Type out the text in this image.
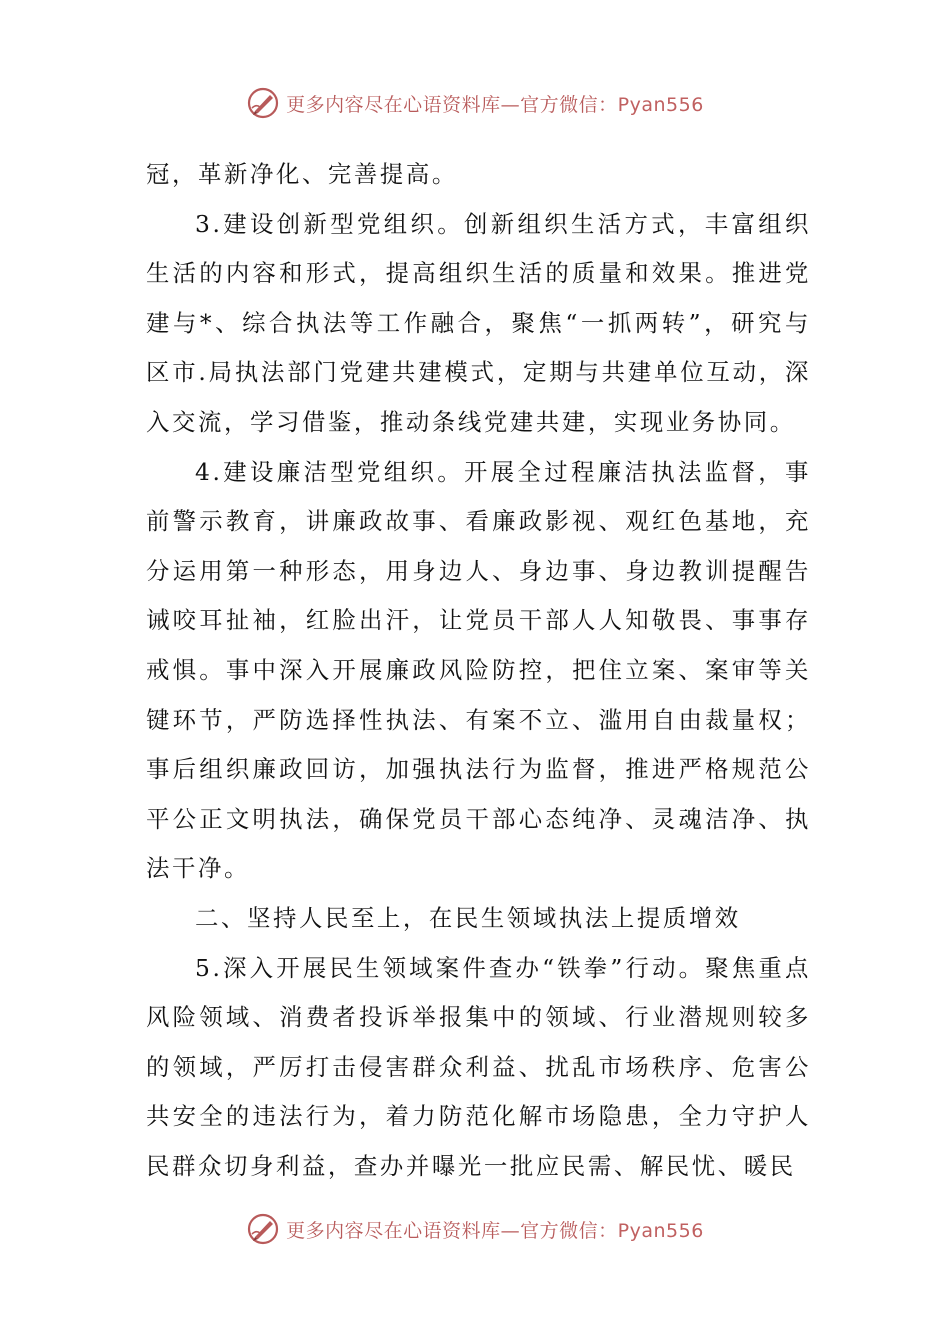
更多内容尽在心语资料库—官方微信：Pyan556

冠，革新净化、完善提高。

3.建设创新型党组织。创新组织生活方式，丰富组织生活的内容和形式，提高组织生活的质量和效果。推进党建与*、综合执法等工作融合，聚焦“一抓两转”，研究与区市.局执法部门党建共建模式，定期与共建单位互动，深入交流，学习借鉴，推动条线党建共建，实现业务协同。

4.建设廉洁型党组织。开展全过程廉洁执法监督，事前警示教育，讲廉政故事、看廉政影视、观红色基地，充分运用第一种形态，用身边人、身边事、身边教训提醒告诫咬耳扯袖，红脸出汗，让党员干部人人知敬畏、事事存戒惧。事中深入开展廉政风险防控，把住立案、案审等关键环节，严防选择性执法、有案不立、滥用自由裁量权；事后组织廉政回访，加强执法行为监督，推进严格规范公平公正文明执法，确保党员干部心态纯净、灵魂洁净、执法干净。

二、坚持人民至上，在民生领域执法上提质增效

5.深入开展民生领域案件查办“铁拳”行动。聚焦重点风险领域、消费者投诉举报集中的领域、行业潜规则较多的领域，严厉打击侵害群众利益、扰乱市场秩序、危害公共安全的违法行为，着力防范化解市场隐患，全力守护人民群众切身利益，查办并曝光一批应民需、解民忧、暖民

更多内容尽在心语资料库—官方微信：Pyan556
